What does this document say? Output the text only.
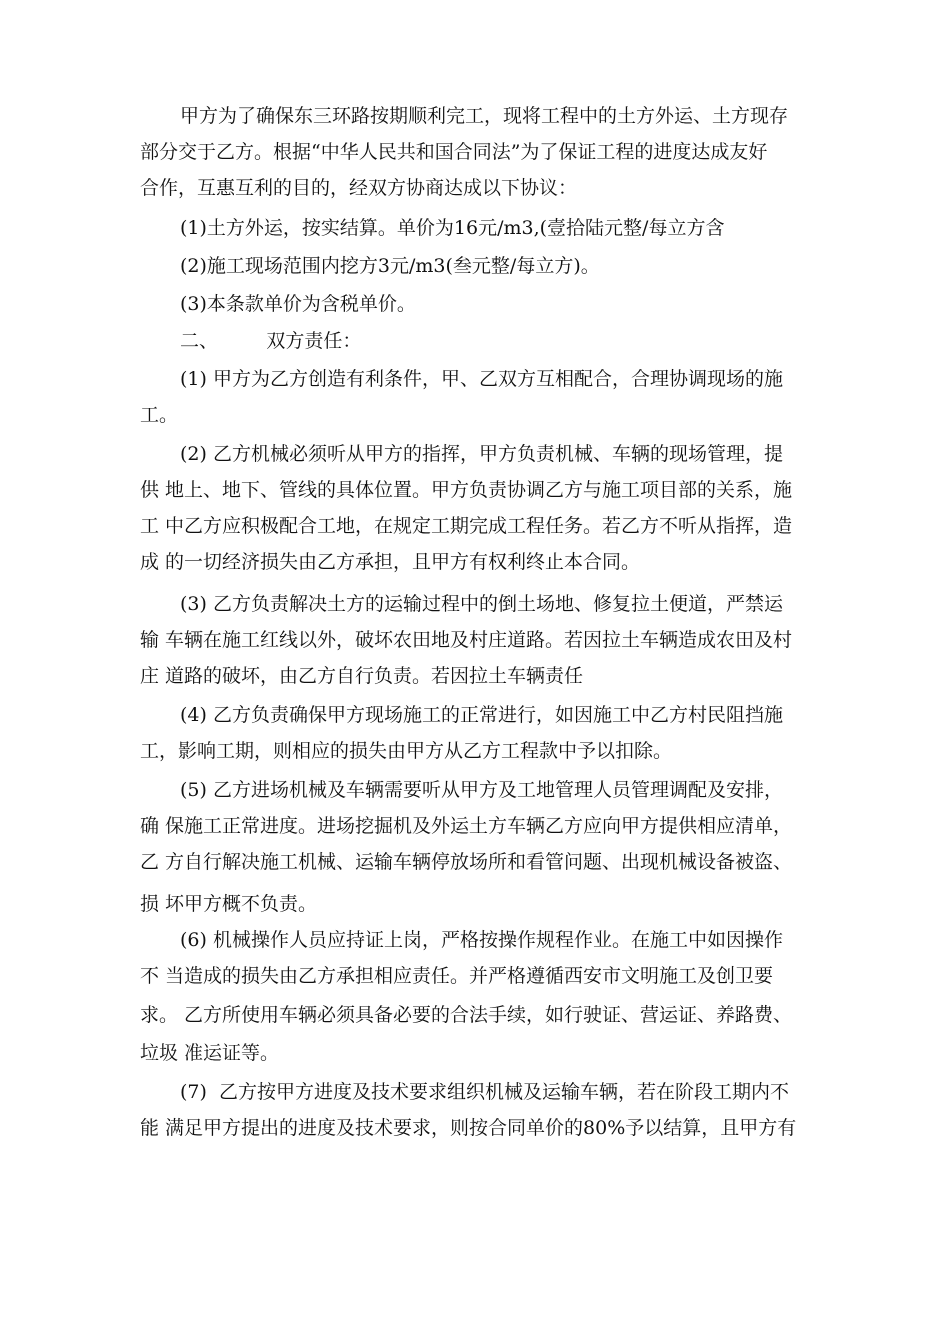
甲方为了确保东三环路按期顺利完工，现将工程中的土方外运、土方现存
部分交于乙方。根据“中华人民共和国合同法”为了保证工程的进度达成友好
合作，互惠互利的目的，经双方协商达成以下协议：
(1)土方外运，按实结算。单价为16元/m3,(壹拾陆元整/每立方含
(2)施工现场范围内挖方3元/m3(叁元整/每立方)。
(3)本条款单价为含税单价。
二、        双方责任：
(1) 甲方为乙方创造有利条件，甲、乙双方互相配合，合理协调现场的施
工。
(2) 乙方机械必须听从甲方的指挥，甲方负责机械、车辆的现场管理，提
供 地上、地下、管线的具体位置。甲方负责协调乙方与施工项目部的关系，施
工 中乙方应积极配合工地，在规定工期完成工程任务。若乙方不听从指挥，造
成 的一切经济损失由乙方承担，且甲方有权利终止本合同。
(3) 乙方负责解决土方的运输过程中的倒土场地、修复拉土便道，严禁运
输 车辆在施工红线以外，破坏农田地及村庄道路。若因拉土车辆造成农田及村
庄 道路的破坏，由乙方自行负责。若因拉土车辆责任
(4) 乙方负责确保甲方现场施工的正常进行，如因施工中乙方村民阻挡施
工，影响工期，则相应的损失由甲方从乙方工程款中予以扣除。
(5) 乙方进场机械及车辆需要听从甲方及工地管理人员管理调配及安排，
确 保施工正常进度。进场挖掘机及外运土方车辆乙方应向甲方提供相应清单，
乙 方自行解决施工机械、运输车辆停放场所和看管问题、出现机械设备被盗、
损 坏甲方概不负责。
(6) 机械操作人员应持证上岗，严格按操作规程作业。在施工中如因操作
不 当造成的损失由乙方承担相应责任。并严格遵循西安市文明施工及创卫要
求。 乙方所使用车辆必须具备必要的合法手续，如行驶证、营运证、养路费、
垃圾 准运证等。
(7)  乙方按甲方进度及技术要求组织机械及运输车辆，若在阶段工期内不
能 满足甲方提出的进度及技术要求，则按合同单价的80%予以结算，且甲方有
